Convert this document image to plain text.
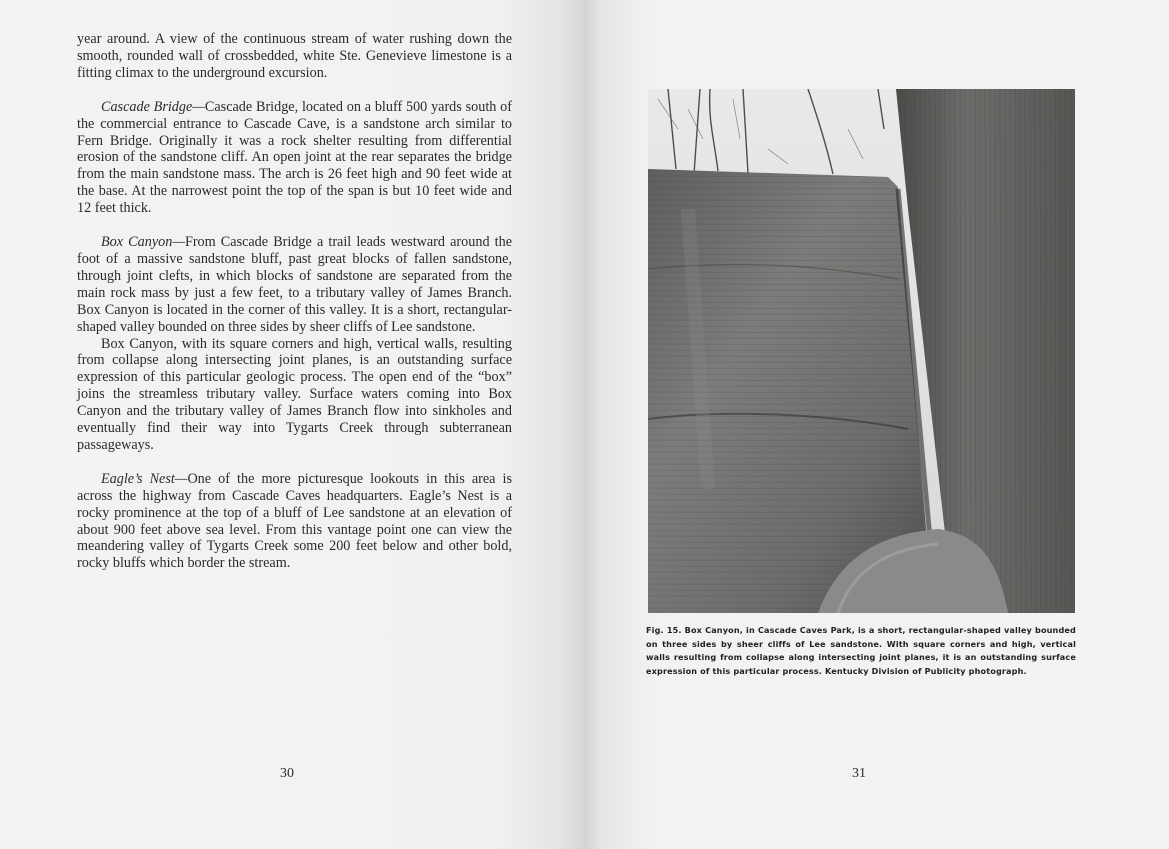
year around. A view of the continuous stream of water rushing down the smooth, rounded wall of crossbedded, white Ste. Genevieve limestone is a fitting climax to the underground excursion.

Cascade Bridge—Cascade Bridge, located on a bluff 500 yards south of the commercial entrance to Cascade Cave, is a sandstone arch similar to Fern Bridge. Originally it was a rock shelter resulting from differential erosion of the sandstone cliff. An open joint at the rear separates the bridge from the main sandstone mass. The arch is 26 feet high and 90 feet wide at the base. At the narrowest point the top of the span is but 10 feet wide and 12 feet thick.

Box Canyon—From Cascade Bridge a trail leads westward around the foot of a massive sandstone bluff, past great blocks of fallen sandstone, through joint clefts, in which blocks of sandstone are separated from the main rock mass by just a few feet, to a tributary valley of James Branch. Box Canyon is located in the corner of this valley. It is a short, rectangular-shaped valley bounded on three sides by sheer cliffs of Lee sandstone.

Box Canyon, with its square corners and high, vertical walls, resulting from collapse along intersecting joint planes, is an outstanding surface expression of this particular geologic process. The open end of the “box” joins the streamless tributary valley. Surface waters coming into Box Canyon and the tributary valley of James Branch flow into sinkholes and eventually find their way into Tygarts Creek through subterranean passageways.

Eagle’s Nest—One of the more picturesque lookouts in this area is across the highway from Cascade Caves headquarters. Eagle’s Nest is a rocky prominence at the top of a bluff of Lee sandstone at an elevation of about 900 feet above sea level. From this vantage point one can view the meandering valley of Tygarts Creek some 200 feet below and other bold, rocky bluffs which border the stream.

30
Fig. 15. Box Canyon, in Cascade Caves Park, is a short, rectangular-shaped valley bounded on three sides by sheer cliffs of Lee sandstone. With square corners and high, vertical walls resulting from collapse along intersecting joint planes, it is an outstanding surface expression of this particular process. Kentucky Division of Publicity photograph.
31
